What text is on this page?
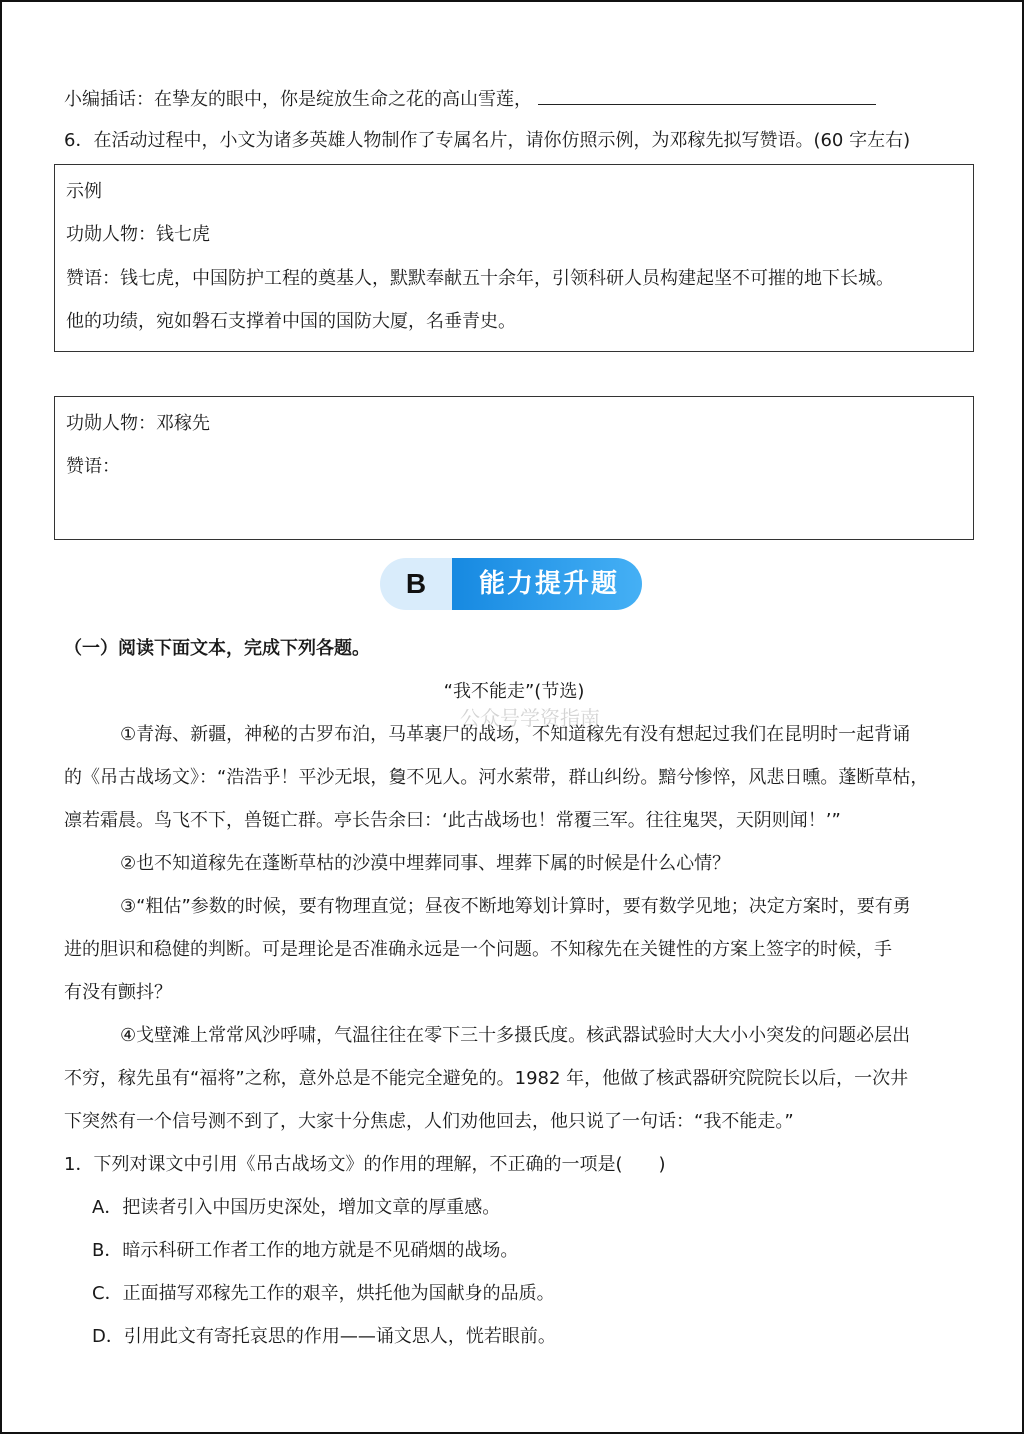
小编插话：在挚友的眼中，你是绽放生命之花的高山雪莲，
6．在活动过程中，小文为诸多英雄人物制作了专属名片，请你仿照示例，为邓稼先拟写赞语。(60 字左右)
示例
功勋人物：钱七虎
赞语：钱七虎，中国防护工程的奠基人，默默奉献五十余年，引领科研人员构建起坚不可摧的地下长城。
他的功绩，宛如磐石支撑着中国的国防大厦，名垂青史。
功勋人物：邓稼先
赞语：
能力提升题
B
（一）阅读下面文本，完成下列各题。
“我不能走”(节选)
公众号学资指南
①青海、新疆，神秘的古罗布泊，马革裹尸的战场，不知道稼先有没有想起过我们在昆明时一起背诵
的《吊古战场文》：“浩浩乎！平沙无垠，敻不见人。河水萦带，群山纠纷。黯兮惨悴，风悲日曛。蓬断草枯，
凛若霜晨。鸟飞不下，兽铤亡群。亭长告余曰：‘此古战场也！常覆三军。往往鬼哭，天阴则闻！’”
②也不知道稼先在蓬断草枯的沙漠中埋葬同事、埋葬下属的时候是什么心情？
③“粗估”参数的时候，要有物理直觉；昼夜不断地筹划计算时，要有数学见地；决定方案时，要有勇
进的胆识和稳健的判断。可是理论是否准确永远是一个问题。不知稼先在关键性的方案上签字的时候，手
有没有颤抖？
④戈壁滩上常常风沙呼啸，气温往往在零下三十多摄氏度。核武器试验时大大小小突发的问题必层出
不穷，稼先虽有“福将”之称，意外总是不能完全避免的。1982 年，他做了核武器研究院院长以后，一次井
下突然有一个信号测不到了，大家十分焦虑，人们劝他回去，他只说了一句话：“我不能走。”
1．下列对课文中引用《吊古战场文》的作用的理解，不正确的一项是(　　)
A．把读者引入中国历史深处，增加文章的厚重感。
B．暗示科研工作者工作的地方就是不见硝烟的战场。
C．正面描写邓稼先工作的艰辛，烘托他为国献身的品质。
D．引用此文有寄托哀思的作用——诵文思人，恍若眼前。
